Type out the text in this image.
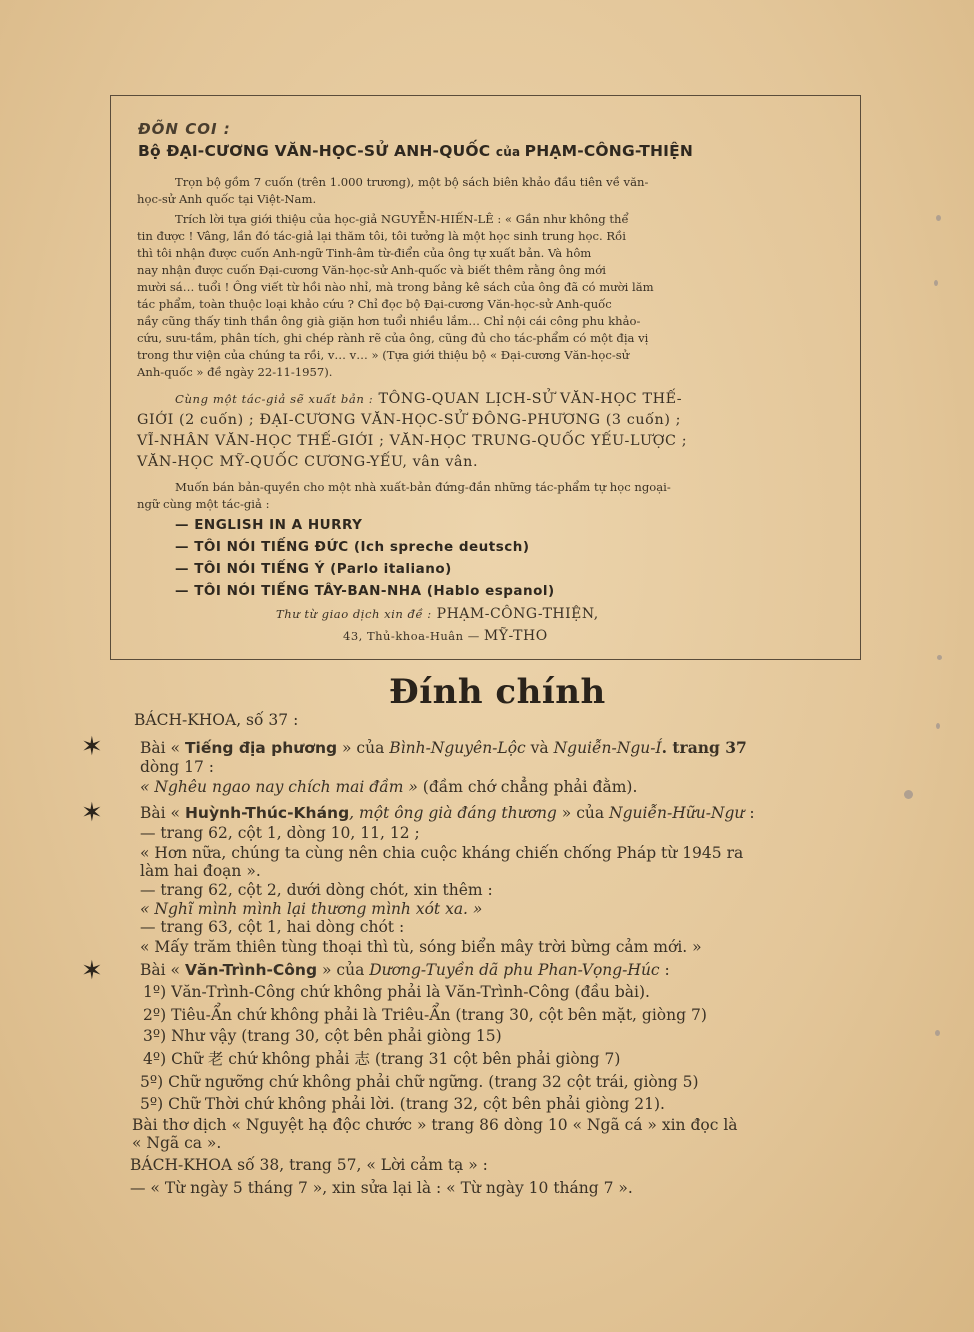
ĐÕN COI :
Bộ ĐẠI-CƯƠNG VĂN-HỌC-SỬ ANH-QUỐC của PHẠM-CÔNG-THIỆN
Trọn bộ gồm 7 cuốn (trên 1.000 trương), một bộ sách biên khảo đầu tiên về văn-
học-sử Anh quốc tại Việt-Nam.
Trích lời tựa giới thiệu của học-giả NGUYỄN-HIẾN-LÊ : « Gần như không thể
tin được ! Vâng, lần đó tác-giả lại thăm tôi, tôi tưởng là một học sinh trung học. Rồi
thì tôi nhận được cuốn Anh-ngữ Tinh-âm từ-điển của ông tự xuất bản. Và hôm
nay nhận được cuốn Đại-cương Văn-học-sử Anh-quốc và biết thêm rằng ông mới
mười sá… tuổi ! Ông viết từ hồi nào nhỉ, mà trong bảng kê sách của ông đã có mười lăm
tác phẩm, toàn thuộc loại khảo cứu ? Chỉ đọc bộ Đại-cương Văn-học-sử Anh-quốc
nầy cũng thấy tinh thần ông già giặn hơn tuổi nhiều lắm… Chỉ nội cái công phu khảo-
cứu, sưu-tầm, phân tích, ghi chép rành rẽ của ông, cũng đủ cho tác-phẩm có một địa vị
trong thư viện của chúng ta rồi, v… v… » (Tựa giới thiệu bộ « Đại-cương Văn-học-sử
Anh-quốc » đề ngày 22-11-1957).
Cùng một tác-giả sẽ xuất bản : TÔNG-QUAN LỊCH-SỬ VĂN-HỌC THẾ-
GIỚI (2 cuốn) ; ĐẠI-CƯƠNG VĂN-HỌC-SỬ ĐÔNG-PHƯƠNG (3 cuốn) ;
VĨ-NHÂN VĂN-HỌC THẾ-GIỚI ; VĂN-HỌC TRUNG-QUỐC YẾU-LƯỢC ;
VĂN-HỌC MỸ-QUỐC CƯƠNG-YẾU, vân vân.
Muốn bán bản-quyền cho một nhà xuất-bản đứng-đắn những tác-phẩm tự học ngoại-
ngữ cùng một tác-giả :
— ENGLISH IN A HURRY
— TÔI NÓI TIẾNG ĐỨC (Ich spreche deutsch)
— TÔI NÓI TIẾNG Ý (Parlo italiano)
— TÔI NÓI TIẾNG TÂY-BAN-NHA (Hablo espanol)
Thư từ giao dịch xin đề : PHẠM-CÔNG-THIỆN,
43, Thủ-khoa-Huân — MỸ-THO
Đính chính
BÁCH-KHOA, số 37 :
✶ Bài « Tiếng địa phương » của Bình-Nguyên-Lộc và Nguiễn-Ngu-Í. trang 37
dòng 17 :
« Nghêu ngao nay chích mai đầm » (đầm chớ chẳng phải đằm).
✶ Bài « Huỳnh-Thúc-Kháng, một ông già đáng thương » của Nguiễn-Hữu-Ngư :
— trang 62, cột 1, dòng 10, 11, 12 ;
« Hơn nữa, chúng ta cùng nên chia cuộc kháng chiến chống Pháp từ 1945 ra
làm hai đoạn ».
— trang 62, cột 2, dưới dòng chót, xin thêm :
« Nghĩ mình mình lại thương mình xót xa. »
— trang 63, cột 1, hai dòng chót :
« Mấy trăm thiên tùng thoại thì tù, sóng biển mây trời bừng cảm mới. »
✶ Bài « Văn-Trình-Công » của Dương-Tuyền dã phu Phan-Vọng-Húc :
1º) Văn-Trình-Công chứ không phải là Văn-Trình-Công (đầu bài).
2º) Tiêu-Ẩn chứ không phải là Triêu-Ẩn (trang 30, cột bên mặt, giòng 7)
3º) Như vậy (trang 30, cột bên phải giòng 15)
4º) Chữ 老 chứ không phải 志 (trang 31 cột bên phải giòng 7)
5º) Chữ ngưỡng chứ không phải chữ ngững. (trang 32 cột trái, giòng 5)
5º) Chữ Thời chứ không phải lời. (trang 32, cột bên phải giòng 21).
Bài thơ dịch « Nguyệt hạ độc chước » trang 86 dòng 10 « Ngã cá » xin đọc là
« Ngã ca ».
BÁCH-KHOA số 38, trang 57, « Lời cảm tạ » :
— « Từ ngày 5 tháng 7 », xin sửa lại là : « Từ ngày 10 tháng 7 ».
